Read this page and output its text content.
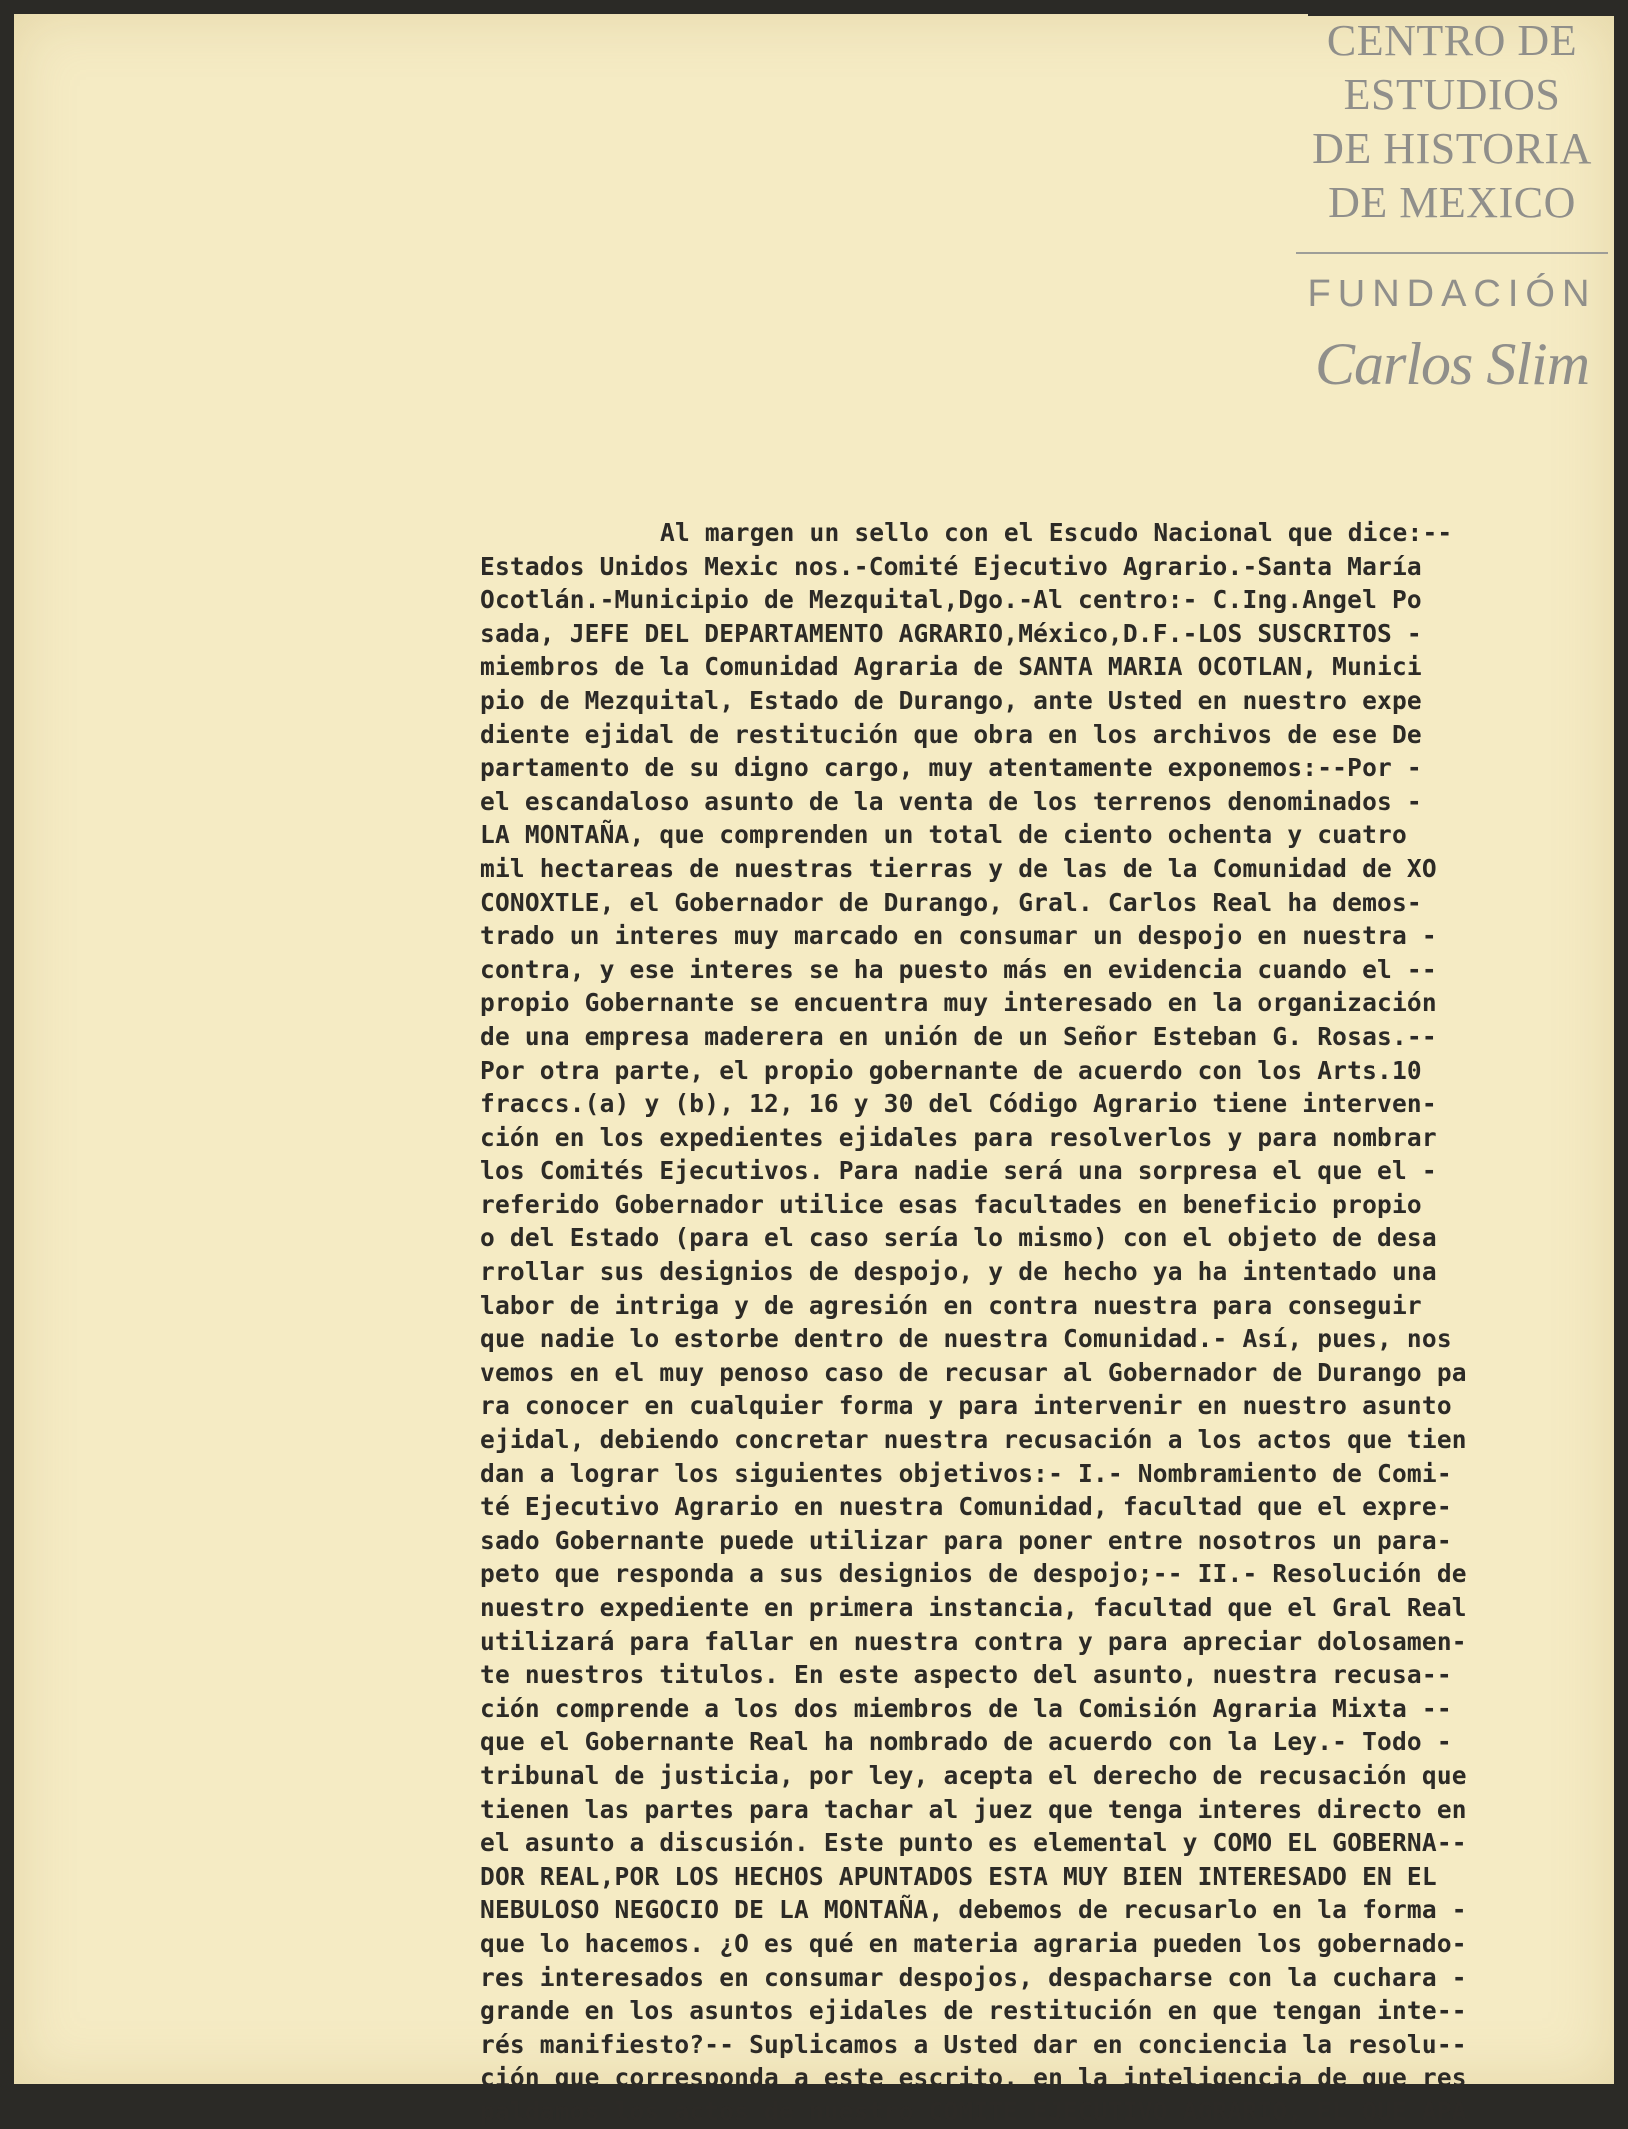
CENTRO DE
ESTUDIOS
DE HISTORIA
DE MEXICO
FUNDACIÓN
Carlos Slim
Al margen un sello con el Escudo Nacional que dice:--
Estados Unidos Mexic nos.-Comité Ejecutivo Agrario.-Santa María
Ocotlán.-Municipio de Mezquital,Dgo.-Al centro:- C.Ing.Angel Po
sada, JEFE DEL DEPARTAMENTO AGRARIO,México,D.F.-LOS SUSCRITOS -
miembros de la Comunidad Agraria de SANTA MARIA OCOTLAN, Munici
pio de Mezquital, Estado de Durango, ante Usted en nuestro expe
diente ejidal de restitución que obra en los archivos de ese De
partamento de su digno cargo, muy atentamente exponemos:--Por -
el escandaloso asunto de la venta de los terrenos denominados -
LA MONTAÑA, que comprenden un total de ciento ochenta y cuatro
mil hectareas de nuestras tierras y de las de la Comunidad de XO
CONOXTLE, el Gobernador de Durango, Gral. Carlos Real ha demos-
trado un interes muy marcado en consumar un despojo en nuestra -
contra, y ese interes se ha puesto más en evidencia cuando el --
propio Gobernante se encuentra muy interesado en la organización
de una empresa maderera en unión de un Señor Esteban G. Rosas.--
Por otra parte, el propio gobernante de acuerdo con los Arts.10
fraccs.(a) y (b), 12, 16 y 30 del Código Agrario tiene interven-
ción en los expedientes ejidales para resolverlos y para nombrar
los Comités Ejecutivos. Para nadie será una sorpresa el que el -
referido Gobernador utilice esas facultades en beneficio propio
o del Estado (para el caso sería lo mismo) con el objeto de desa
rrollar sus designios de despojo, y de hecho ya ha intentado una
labor de intriga y de agresión en contra nuestra para conseguir
que nadie lo estorbe dentro de nuestra Comunidad.- Así, pues, nos
vemos en el muy penoso caso de recusar al Gobernador de Durango pa
ra conocer en cualquier forma y para intervenir en nuestro asunto
ejidal, debiendo concretar nuestra recusación a los actos que tien
dan a lograr los siguientes objetivos:- I.- Nombramiento de Comi-
té Ejecutivo Agrario en nuestra Comunidad, facultad que el expre-
sado Gobernante puede utilizar para poner entre nosotros un para-
peto que responda a sus designios de despojo;-- II.- Resolución de
nuestro expediente en primera instancia, facultad que el Gral Real
utilizará para fallar en nuestra contra y para apreciar dolosamen-
te nuestros titulos. En este aspecto del asunto, nuestra recusa--
ción comprende a los dos miembros de la Comisión Agraria Mixta --
que el Gobernante Real ha nombrado de acuerdo con la Ley.- Todo -
tribunal de justicia, por ley, acepta el derecho de recusación que
tienen las partes para tachar al juez que tenga interes directo en
el asunto a discusión. Este punto es elemental y COMO EL GOBERNA--
DOR REAL,POR LOS HECHOS APUNTADOS ESTA MUY BIEN INTERESADO EN EL
NEBULOSO NEGOCIO DE LA MONTAÑA, debemos de recusarlo en la forma -
que lo hacemos. ¿O es qué en materia agraria pueden los gobernado-
res interesados en consumar despojos, despacharse con la cuchara -
grande en los asuntos ejidales de restitución en que tengan inte--
rés manifiesto?-- Suplicamos a Usted dar en conciencia la resolu--
ción que corresponda a este escrito, en la inteligencia de que res
paldamos los actos de nuestro COMITE EJECUTIVO AGRARIO, EL QUE APA
